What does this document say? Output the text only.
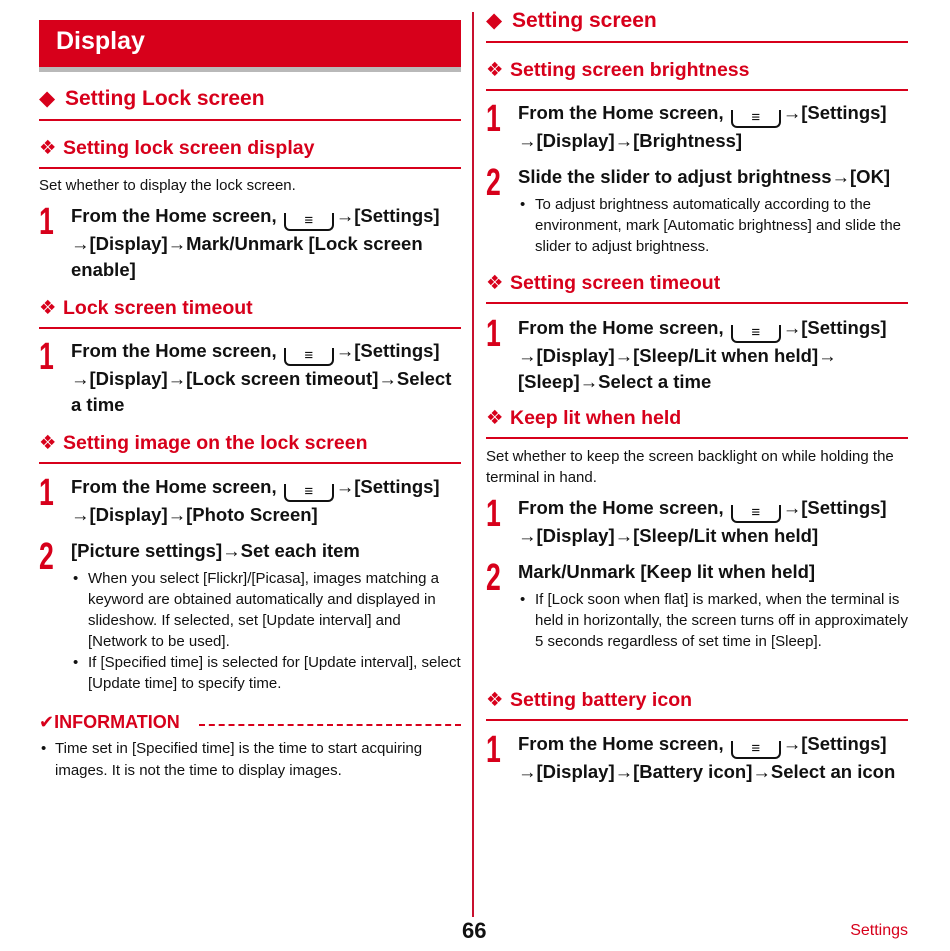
Display
◆ Setting Lock screen
❖ Setting lock screen display
Set whether to display the lock screen.
1 From the Home screen, ≡ →[Settings] →[Display]→Mark/Unmark [Lock screen enable]
❖ Lock screen timeout
1 From the Home screen, ≡ →[Settings] →[Display]→[Lock screen timeout]→Select a time
❖ Setting image on the lock screen
1 From the Home screen, ≡ →[Settings] →[Display]→[Photo Screen]
2 [Picture settings]→Set each item
• When you select [Flickr]/[Picasa], images matching a keyword are obtained automatically and displayed in slideshow. If selected, set [Update interval] and [Network to be used].
• If [Specified time] is selected for [Update interval], select [Update time] to specify time.
✔INFORMATION
• Time set in [Specified time] is the time to start acquiring images. It is not the time to display images.
◆ Setting screen
❖ Setting screen brightness
1 From the Home screen, ≡ →[Settings] →[Display]→[Brightness]
2 Slide the slider to adjust brightness→[OK]
• To adjust brightness automatically according to the environment, mark [Automatic brightness] and slide the slider to adjust brightness.
❖ Setting screen timeout
1 From the Home screen, ≡ →[Settings] →[Display]→[Sleep/Lit when held]→ [Sleep]→Select a time
❖ Keep lit when held
Set whether to keep the screen backlight on while holding the terminal in hand.
1 From the Home screen, ≡ →[Settings] →[Display]→[Sleep/Lit when held]
2 Mark/Unmark [Keep lit when held]
• If [Lock soon when flat] is marked, when the terminal is held in horizontally, the screen turns off in approximately 5 seconds regardless of set time in [Sleep].
❖ Setting battery icon
1 From the Home screen, ≡ →[Settings] →[Display]→[Battery icon]→Select an icon
66	Settings
